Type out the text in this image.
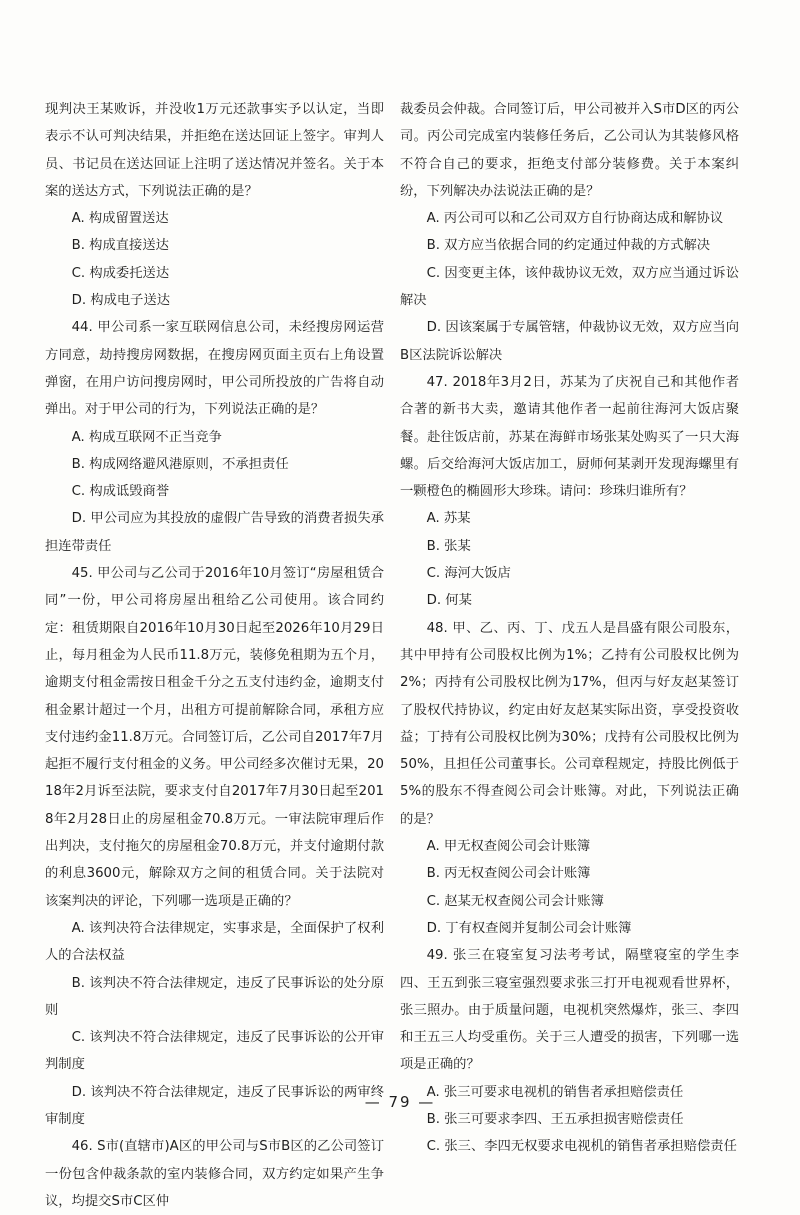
现判决王某败诉，并没收1万元还款事实予以认定，当即表示不认可判决结果，并拒绝在送达回证上签字。审判人员、书记员在送达回证上注明了送达情况并签名。关于本案的送达方式，下列说法正确的是？

A. 构成留置送达

B. 构成直接送达

C. 构成委托送达

D. 构成电子送达

44. 甲公司系一家互联网信息公司，未经搜房网运营方同意，劫持搜房网数据，在搜房网页面主页右上角设置弹窗，在用户访问搜房网时，甲公司所投放的广告将自动弹出。对于甲公司的行为，下列说法正确的是？

A. 构成互联网不正当竞争

B. 构成网络避风港原则，不承担责任

C. 构成诋毁商誉

D. 甲公司应为其投放的虚假广告导致的消费者损失承担连带责任

45. 甲公司与乙公司于2016年10月签订“房屋租赁合同”一份，甲公司将房屋出租给乙公司使用。该合同约定：租赁期限自2016年10月30日起至2026年10月29日止，每月租金为人民币11.8万元，装修免租期为五个月，逾期支付租金需按日租金千分之五支付违约金，逾期支付租金累计超过一个月，出租方可提前解除合同，承租方应支付违约金11.8万元。合同签订后，乙公司自2017年7月起拒不履行支付租金的义务。甲公司经多次催讨无果，2018年2月诉至法院，要求支付自2017年7月30日起至2018年2月28日止的房屋租金70.8万元。一审法院审理后作出判决，支付拖欠的房屋租金70.8万元，并支付逾期付款的利息3600元，解除双方之间的租赁合同。关于法院对该案判决的评论，下列哪一选项是正确的？

A. 该判决符合法律规定，实事求是，全面保护了权利人的合法权益

B. 该判决不符合法律规定，违反了民事诉讼的处分原则

C. 该判决不符合法律规定，违反了民事诉讼的公开审判制度

D. 该判决不符合法律规定，违反了民事诉讼的两审终审制度

46. S市(直辖市)A区的甲公司与S市B区的乙公司签订一份包含仲裁条款的室内装修合同，双方约定如果产生争议，均提交S市C区仲

裁委员会仲裁。合同签订后，甲公司被并入S市D区的丙公司。丙公司完成室内装修任务后，乙公司认为其装修风格不符合自己的要求，拒绝支付部分装修费。关于本案纠纷，下列解决办法说法正确的是？

A. 丙公司可以和乙公司双方自行协商达成和解协议

B. 双方应当依据合同的约定通过仲裁的方式解决

C. 因变更主体，该仲裁协议无效，双方应当通过诉讼解决

D. 因该案属于专属管辖，仲裁协议无效，双方应当向B区法院诉讼解决

47. 2018年3月2日，苏某为了庆祝自己和其他作者合著的新书大卖，邀请其他作者一起前往海河大饭店聚餐。赴往饭店前，苏某在海鲜市场张某处购买了一只大海螺。后交给海河大饭店加工，厨师何某剥开发现海螺里有一颗橙色的椭圆形大珍珠。请问：珍珠归谁所有？

A. 苏某

B. 张某

C. 海河大饭店

D. 何某

48. 甲、乙、丙、丁、戊五人是昌盛有限公司股东，其中甲持有公司股权比例为1%；乙持有公司股权比例为2%；丙持有公司股权比例为17%，但丙与好友赵某签订了股权代持协议，约定由好友赵某实际出资，享受投资收益；丁持有公司股权比例为30%；戊持有公司股权比例为50%，且担任公司董事长。公司章程规定，持股比例低于5%的股东不得查阅公司会计账簿。对此，下列说法正确的是？

A. 甲无权查阅公司会计账簿

B. 丙无权查阅公司会计账簿

C. 赵某无权查阅公司会计账簿

D. 丁有权查阅并复制公司会计账簿

49. 张三在寝室复习法考考试，隔壁寝室的学生李四、王五到张三寝室强烈要求张三打开电视观看世界杯，张三照办。由于质量问题，电视机突然爆炸，张三、李四和王五三人均受重伤。关于三人遭受的损害，下列哪一选项是正确的？

A. 张三可要求电视机的销售者承担赔偿责任

B. 张三可要求李四、王五承担损害赔偿责任

C. 张三、李四无权要求电视机的销售者承担赔偿责任

— 79 —
